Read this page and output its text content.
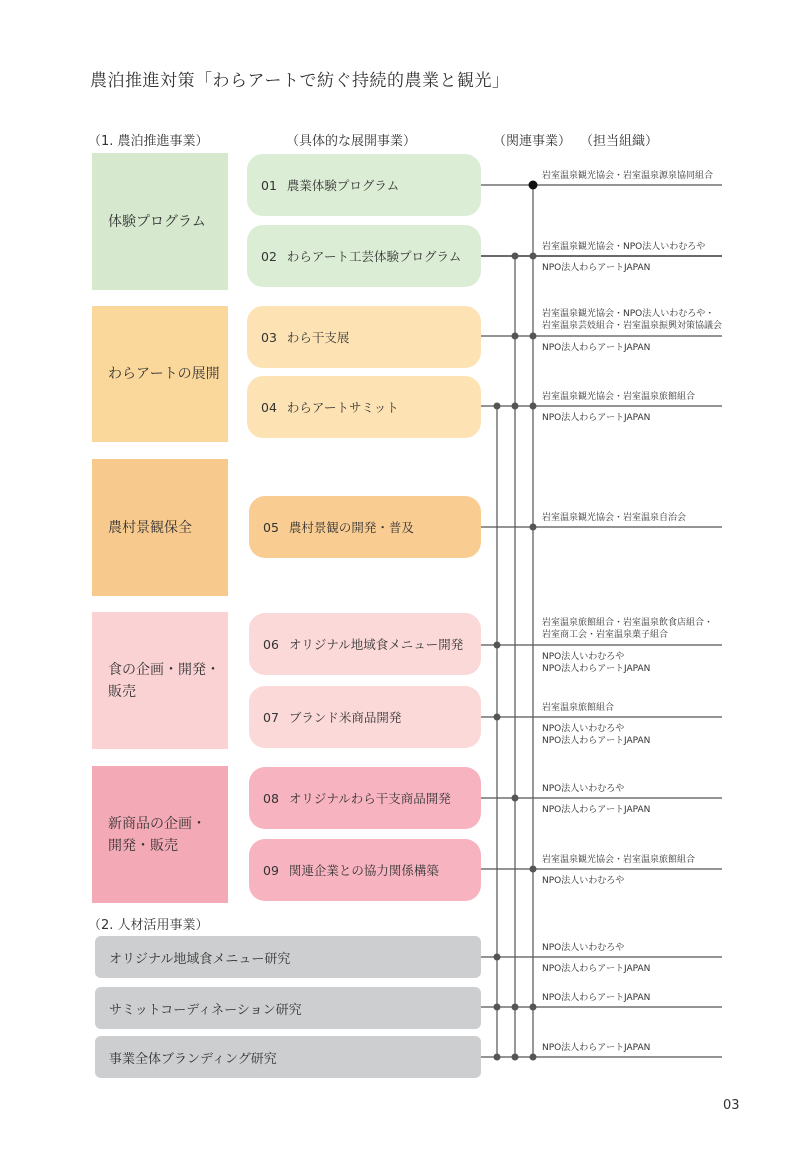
農泊推進対策「わらアートで紡ぐ持続的農業と観光」
（1. 農泊推進事業）	（具体的な展開事業）	（関連事業） （担当組織）
（2. 人材活用事業）
体験プログラム
わらアートの展開
農村景観保全
食の企画・開発・
販売
新商品の企画・
開発・販売
01 農業体験プログラム
02 わらアート工芸体験プログラム
03 わら干支展
04 わらアートサミット
05 農村景観の開発・普及
06 オリジナル地域食メニュー開発
07 ブランド米商品開発
08 オリジナルわら干支商品開発
09 関連企業との協力関係構築
オリジナル地域食メニュー研究
サミットコーディネーション研究
事業全体ブランディング研究
岩室温泉観光協会・岩室温泉源泉協同組合
岩室温泉観光協会・NPO法人いわむろや
NPO法人わらアートJAPAN
岩室温泉観光協会・NPO法人いわむろや・
岩室温泉芸妓組合・岩室温泉振興対策協議会
NPO法人わらアートJAPAN
岩室温泉観光協会・岩室温泉旅館組合
NPO法人わらアートJAPAN
岩室温泉観光協会・岩室温泉自治会
岩室温泉旅館組合・岩室温泉飲食店組合・
岩室商工会・岩室温泉菓子組合
NPO法人いわむろや
NPO法人わらアートJAPAN
岩室温泉旅館組合
NPO法人いわむろや
NPO法人わらアートJAPAN
NPO法人いわむろや
NPO法人わらアートJAPAN
岩室温泉観光協会・岩室温泉旅館組合
NPO法人いわむろや
NPO法人いわむろや
NPO法人わらアートJAPAN
NPO法人わらアートJAPAN
NPO法人わらアートJAPAN
03
